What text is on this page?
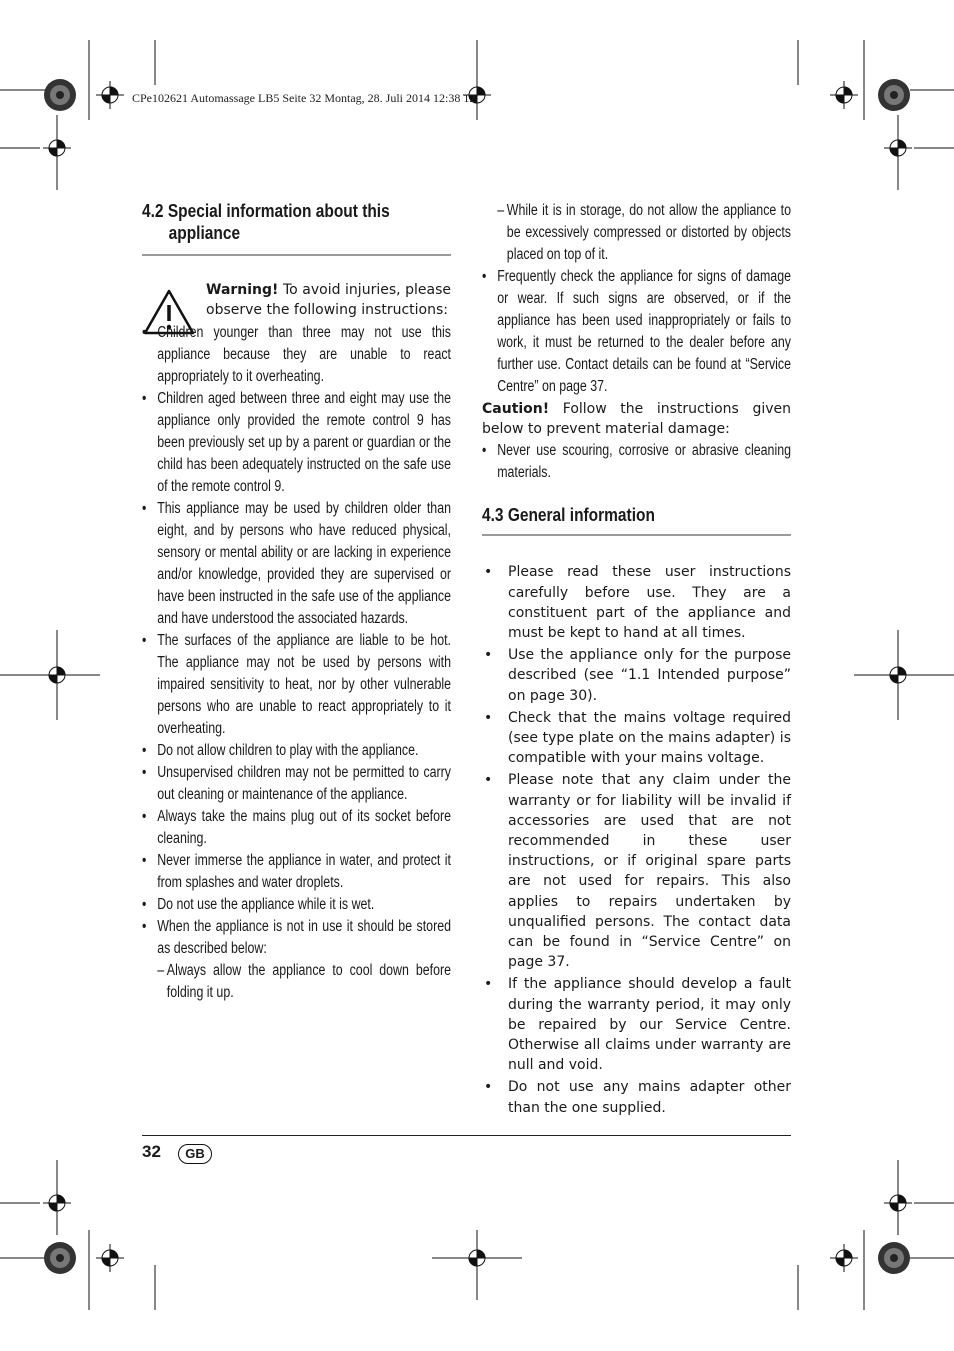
CPe102621 Automassage LB5 Seite 32 Montag, 28. Juli 2014 12:38 12
4.2 Special information about this
appliance
Warning! To avoid injuries, please observe the following instructions:

• Children younger than three may not use this appliance because they are unable to react appropriately to it overheating.

• Children aged between three and eight may use the appliance only provided the remote control 9 has been previously set up by a parent or guardian or the child has been adequately instructed on the safe use of the remote control 9.

• This appliance may be used by children older than eight, and by persons who have reduced physical, sensory or mental ability or are lacking in experience and/or knowledge, provided they are supervised or have been instructed in the safe use of the appliance and have understood the associated hazards.

• The surfaces of the appliance are liable to be hot. The appliance may not be used by persons with impaired sensitivity to heat, nor by other vulnerable persons who are unable to react appropriately to it overheating.

• Do not allow children to play with the appliance.

• Unsupervised children may not be permitted to carry out cleaning or maintenance of the appliance.

• Always take the mains plug out of its socket before cleaning.

• Never immerse the appliance in water, and protect it from splashes and water droplets.

• Do not use the appliance while it is wet.

• When the appliance is not in use it should be stored as described below:

– Always allow the appliance to cool down before folding it up.

– While it is in storage, do not allow the appliance to be excessively compressed or distorted by objects placed on top of it.

• Frequently check the appliance for signs of damage or wear. If such signs are observed, or if the appliance has been used inappropriately or fails to work, it must be returned to the dealer before any further use. Contact details can be found at “Service Centre” on page 37.

Caution! Follow the instructions given below to prevent material damage:

• Never use scouring, corrosive or abrasive cleaning materials.

4.3 General information
• Please read these user instructions carefully before use. They are a constituent part of the appliance and must be kept to hand at all times.
• Use the appliance only for the purpose described (see “1.1 Intended purpose” on page 30).
• Check that the mains voltage required (see type plate on the mains adapter) is compatible with your mains voltage.
• Please note that any claim under the warranty or for liability will be invalid if accessories are used that are not recommended in these user instructions, or if original spare parts are not used for repairs. This also applies to repairs undertaken by unqualified persons. The contact data can be found in “Service Centre” on page 37.
• If the appliance should develop a fault during the warranty period, it may only be repaired by our Service Centre. Otherwise all claims under warranty are null and void.
• Do not use any mains adapter other than the one supplied.
32	GB
